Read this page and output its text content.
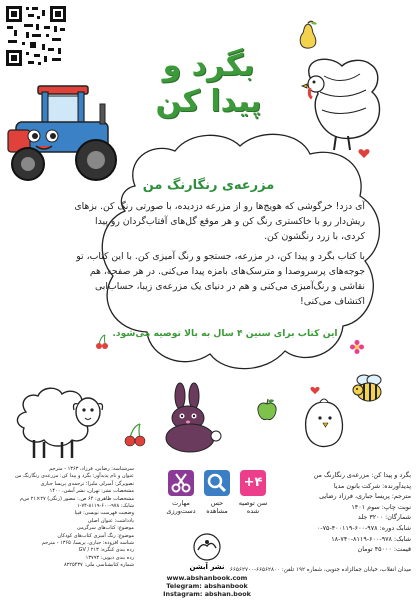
بگرد و
پیدا کن
مزرعه‌ی رنگارنگ من
آی دزد! خرگوشی که هویج‌ها رو از مزرعه دزدیده، با صورتی رنگ کن. بزهای ریش‌دار رو با خاکستری رنگ کن و هر موقع گل‌های آفتاب‌گردان رو پیدا کردی، با زرد رنگشون کن.
با کتاب بگرد و پیدا کن، در مزرعه، جستجو و رنگ آمیزی کن. با این کتاب، تو جوجه‌های پرسروصدا و مترسک‌های بامزه پیدا می‌کنی. در هر صفحه، هم نقاشی و رنگ‌آمیزی می‌کنی و هم در دنیای یک مزرعه‌ی زیبا، حساب‌ابی اکتشاف می‌کنی!
این کتاب برای سنین ۴ سال به بالا توصیه می‌شود.
بگرد و پیدا کن: مزرعه‌ی رنگارنگ من
پدیدآورنده: شرکت بانون مدیا
مترجم: پریسا جباری، فرزاد رضایی
نوبت چاپ: سوم ۱۴۰۱
شمارگان: ۳۲۰۰ جلد
شابک دوره: ۹۷۸-۶۰۰-۴۰۰۱۱۹-۷۵-۰
شابک: ۹۷۸-۶۰۰-۸۱۱۹-۷۴۰-۱۸
قیمت: ۴۵۰۰۰ تومان
میدان انقلاب، خیابان جمالزاده جنوبی، شماره ۱۹۲ تلفن: ۶۶۵۶۲۸۰۰-۶۶۵۶۲۷۰۰
+۴
سن توصیه شده
حس مشاهده
مهارت دست‌ورزی
سرشناسه: رضایی، فرزاد، ۱۳۶۳ - مترجم
عنوان و نام پدیدآور: بگرد و پیدا کن: مزرعه‌ی رنگارنگ من
تصویرگر: آمبرلی ملیزا؛ ترجمه‌ی پریسا جباری
مشخصات نشر: تهران، نشر آبشن، ۱۴۰۰
مشخصات ظاهری: ۶۴ ص.: مصور (رنگی) ۲۷×۲۱ س‌م
شابک: ۹۷۸-۶۰۰-۸۱۱۹-۷۴-۱
وضعیت فهرست نویسی: فیپا
یادداشت: عنوان اصلی
موضوع: کتاب‌های سرگرمی
موضوع: رنگ آمیزی کتاب‌های کودکان
شناسه افزوده: جباری، پریسا، ۱۳۶۵ - مترجم
رده بندی کنگره: ۲۱۳ / GV
رده بندی دیویی: ۱۳۷۹۳
شماره کتابشناسی ملی: ۸۲۲۵۴۳۷	نشر آبشن
www.abshanbook.com
Telegram: abshanbook
Instagram: abshan.book
